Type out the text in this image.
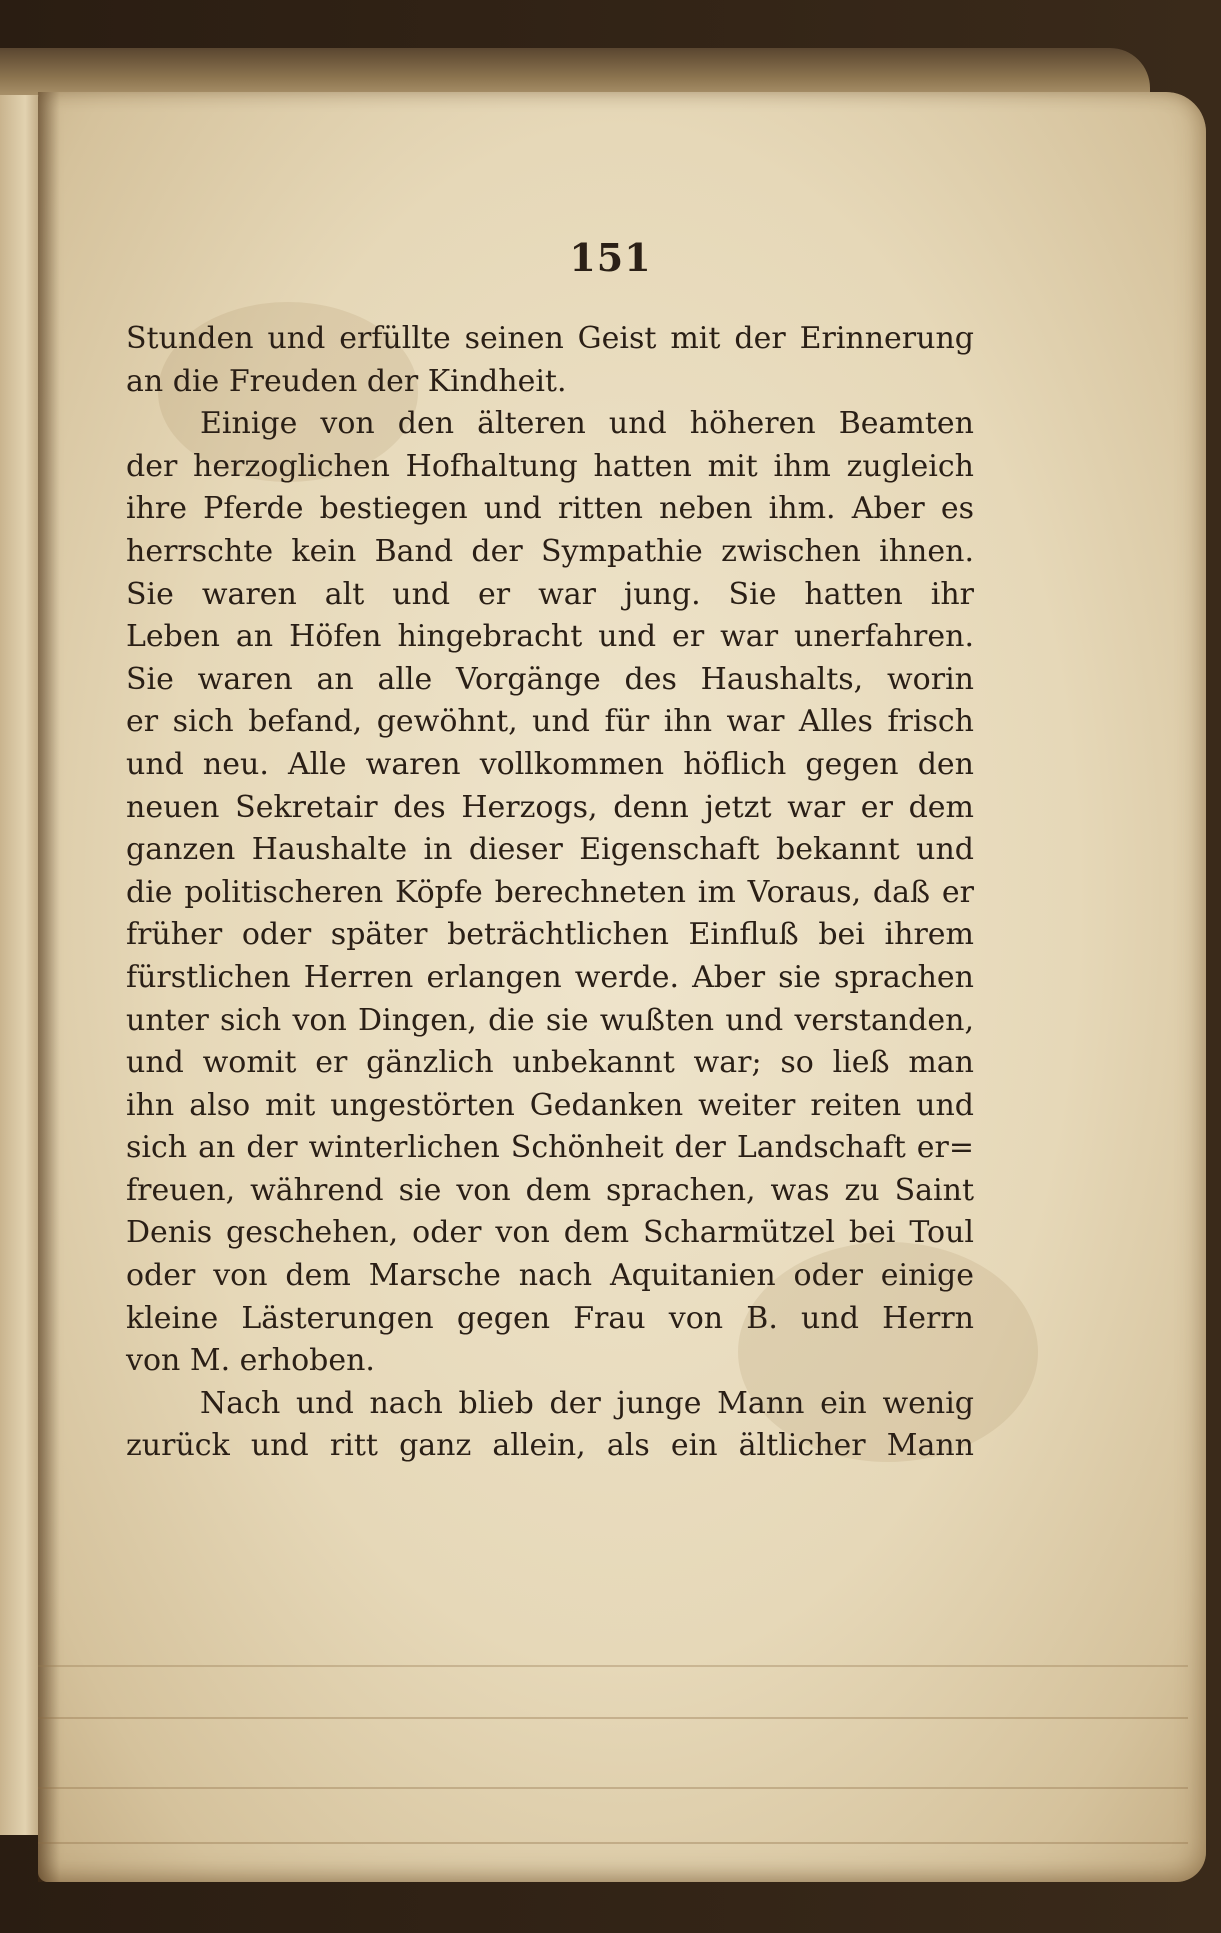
151
Stunden und erfüllte seinen Geist mit der Erinnerung
an die Freuden der Kindheit.
Einige von den älteren und höheren Beamten
der herzoglichen Hofhaltung hatten mit ihm zugleich
ihre Pferde bestiegen und ritten neben ihm. Aber es
herrschte kein Band der Sympathie zwischen ihnen.
Sie waren alt und er war jung. Sie hatten ihr
Leben an Höfen hingebracht und er war unerfahren.
Sie waren an alle Vorgänge des Haushalts, worin
er sich befand, gewöhnt, und für ihn war Alles frisch
und neu. Alle waren vollkommen höflich gegen den
neuen Sekretair des Herzogs, denn jetzt war er dem
ganzen Haushalte in dieser Eigenschaft bekannt und
die politischeren Köpfe berechneten im Voraus, daß er
früher oder später beträchtlichen Einfluß bei ihrem
fürstlichen Herren erlangen werde. Aber sie sprachen
unter sich von Dingen, die sie wußten und verstanden,
und womit er gänzlich unbekannt war; so ließ man
ihn also mit ungestörten Gedanken weiter reiten und
sich an der winterlichen Schönheit der Landschaft er=
freuen, während sie von dem sprachen, was zu Saint
Denis geschehen, oder von dem Scharmützel bei Toul
oder von dem Marsche nach Aquitanien oder einige
kleine Lästerungen gegen Frau von B. und Herrn
von M. erhoben.
Nach und nach blieb der junge Mann ein wenig
zurück und ritt ganz allein, als ein ältlicher Mann
